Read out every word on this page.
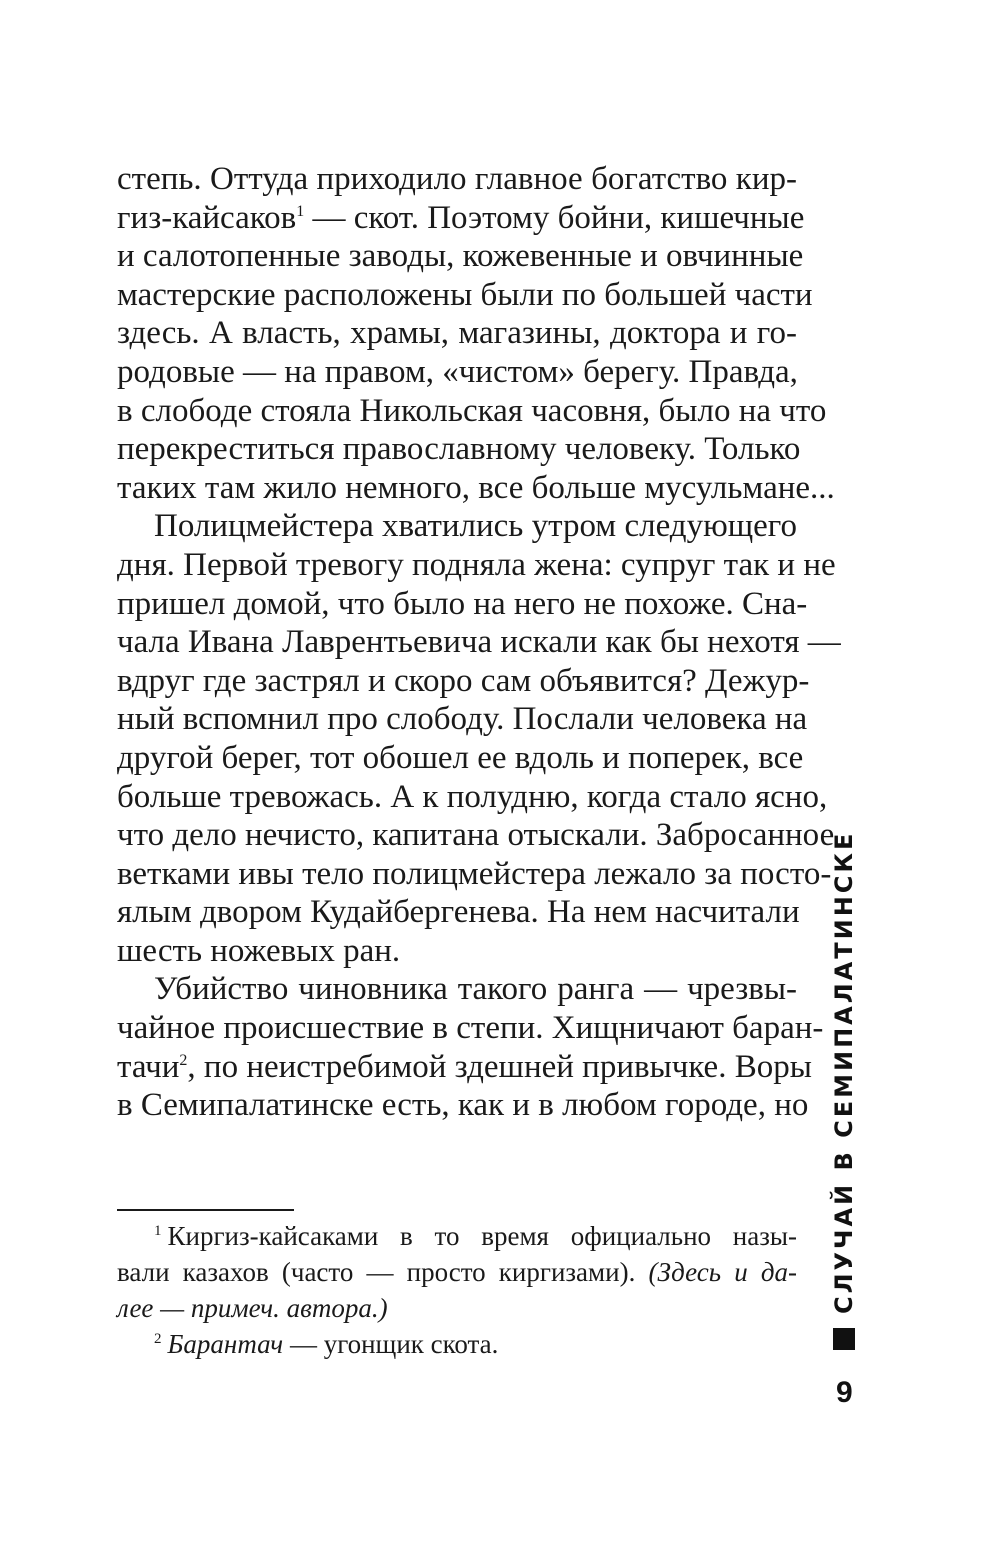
степь. Оттуда приходило главное богатство кир-
гиз-кайсаков$^1$ — скот. Поэтому бойни, кишечные
и салотопенные заводы, кожевенные и овчинные
мастерские расположены были по большей части
здесь. А власть, храмы, магазины, доктора и го-
родовые — на правом, «чистом» берегу. Правда,
в слободе стояла Никольская часовня, было на что
перекреститься православному человеку. Только
таких там жило немного, все больше мусульмане...
Полицмейстера хватились утром следующего
дня. Первой тревогу подняла жена: супруг так и не
пришел домой, что было на него не похоже. Сна-
чала Ивана Лаврентьевича искали как бы нехотя —
вдруг где застрял и скоро сам объявится? Дежур-
ный вспомнил про слободу. Послали человека на
другой берег, тот обошел ее вдоль и поперек, все
больше тревожась. А к полудню, когда стало ясно,
что дело нечисто, капитана отыскали. Забросанное
ветками ивы тело полицмейстера лежало за посто-
ялым двором Кудайбергенева. На нем насчитали
шесть ножевых ран.
Убийство чиновника такого ранга — чрезвы-
чайное происшествие в степи. Хищничают баран-
тачи$^2$, по неистребимой здешней привычке. Воры
в Семипалатинске есть, как и в любом городе, но
$^1$ Киргиз-кайсаками в то время официально назы-
вали казахов (часто — просто киргизами). (Здесь и да-
лее — примеч. автора.)
$^2$ Барантач — угонщик скота.
СЛУЧАЙ В СЕМИПАЛАТИНСКЕ
9
